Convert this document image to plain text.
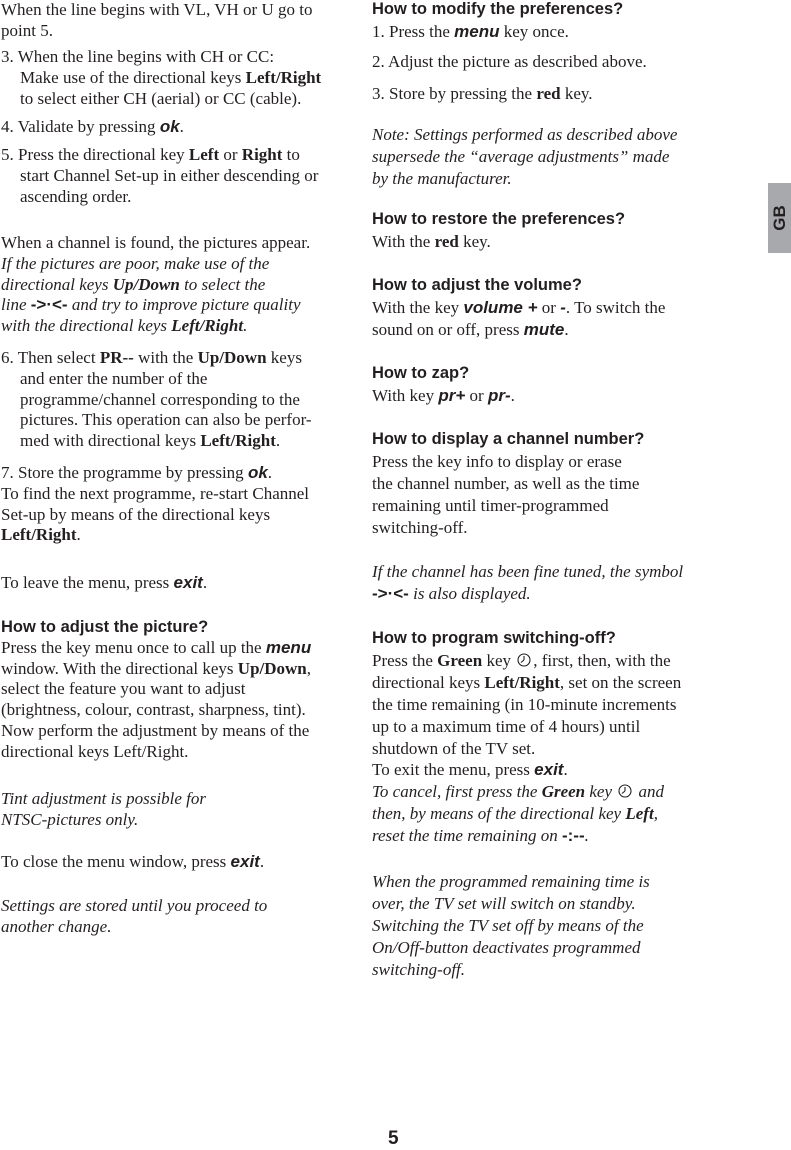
When the line begins with VL, VH or U go to
point 5.
3. When the line begins with CH or CC:
Make use of the directional keys Left/Right
to select either CH (aerial) or CC (cable).
4. Validate by pressing ok.
5. Press the directional key Left or Right to
start Channel Set-up in either descending or
ascending order.
When a channel is found, the pictures appear.
If the pictures are poor, make use of the
directional keys Up/Down to select the
line ->·<- and try to improve picture quality
with the directional keys Left/Right.
6. Then select PR-- with the Up/Down keys
and enter the number of the
programme/channel corresponding to the
pictures. This operation can also be perfor-
med with directional keys Left/Right.
7. Store the programme by pressing ok.
To find the next programme, re-start Channel
Set-up by means of the directional keys
Left/Right.
To leave the menu, press exit.
How to adjust the picture?
Press the key menu once to call up the menu
window. With the directional keys Up/Down,
select the feature you want to adjust
(brightness, colour, contrast, sharpness, tint).
Now perform the adjustment by means of the
directional keys Left/Right.
Tint adjustment is possible for
NTSC-pictures only.
To close the menu window, press exit.
Settings are stored until you proceed to
another change.
How to modify the preferences?
1. Press the menu key once.
2. Adjust the picture as described above.
3. Store by pressing the red key.
Note: Settings performed as described above
supersede the “average adjustments” made
by the manufacturer.
How to restore the preferences?
With the red key.
How to adjust the volume?
With the key volume + or -. To switch the
sound on or off, press mute.
How to zap?
With key pr+ or pr-.
How to display a channel number?
Press the key info to display or erase
the channel number, as well as the time
remaining until timer-programmed
switching-off.
If the channel has been fine tuned, the symbol
->·<- is also displayed.
How to program switching-off?
Press the Green key , first, then, with the
directional keys Left/Right, set on the screen
the time remaining (in 10-minute increments
up to a maximum time of 4 hours) until
shutdown of the TV set.
To exit the menu, press exit.
To cancel, first press the Green key  and
then, by means of the directional key Left,
reset the time remaining on -:--.
When the programmed remaining time is
over, the TV set will switch on standby.
Switching the TV set off by means of the
On/Off-button deactivates programmed
switching-off.
GB
5
